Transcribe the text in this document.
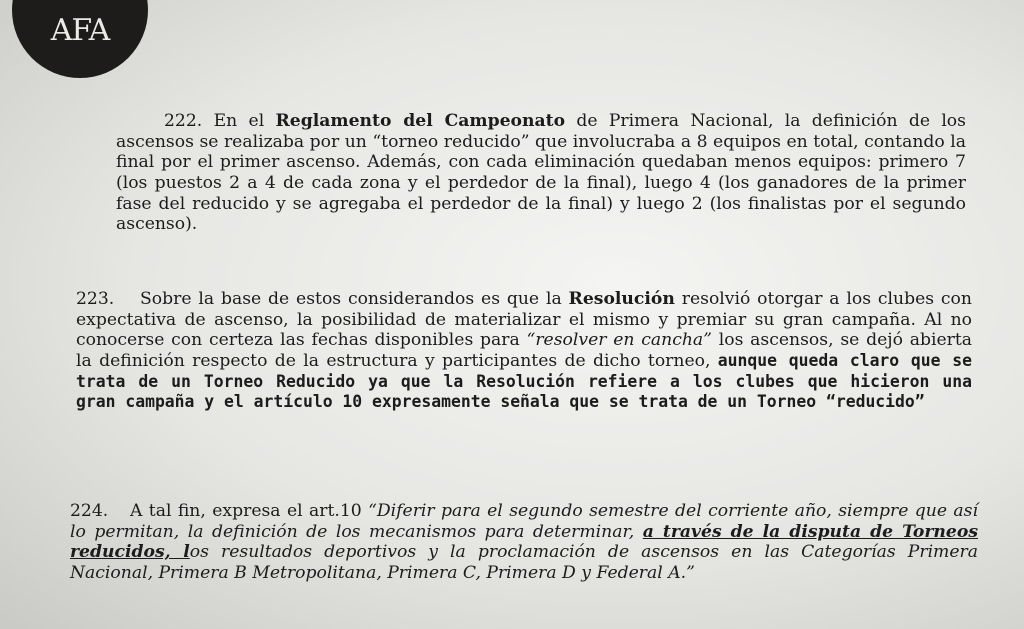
AFA

222. En el Reglamento del Campeonato de Primera Nacional, la definición de los ascensos se realizaba por un “torneo reducido” que involucraba a 8 equipos en total, contando la final por el primer ascenso. Además, con cada eliminación quedaban menos equipos: primero 7 (los puestos 2 a 4 de cada zona y el perdedor de la final), luego 4 (los ganadores de la primer fase del reducido y se agregaba el perdedor de la final) y luego 2 (los finalistas por el segundo ascenso).

223. Sobre la base de estos considerandos es que la Resolución resolvió otorgar a los clubes con expectativa de ascenso, la posibilidad de materializar el mismo y premiar su gran campaña. Al no conocerse con certeza las fechas disponibles para “resolver en cancha” los ascensos, se dejó abierta la definición respecto de la estructura y participantes de dicho torneo, aunque queda claro que se trata de un Torneo Reducido ya que la Resolución refiere a los clubes que hicieron una gran campaña y el artículo 10 expresamente señala que se trata de un Torneo “reducido”

224. A tal fin, expresa el art.10 “Diferir para el segundo semestre del corriente año, siempre que así lo permitan, la definición de los mecanismos para determinar, a través de la disputa de Torneos reducidos, los resultados deportivos y la proclamación de ascensos en las Categorías Primera Nacional, Primera B Metropolitana, Primera C, Primera D y Federal A.”
